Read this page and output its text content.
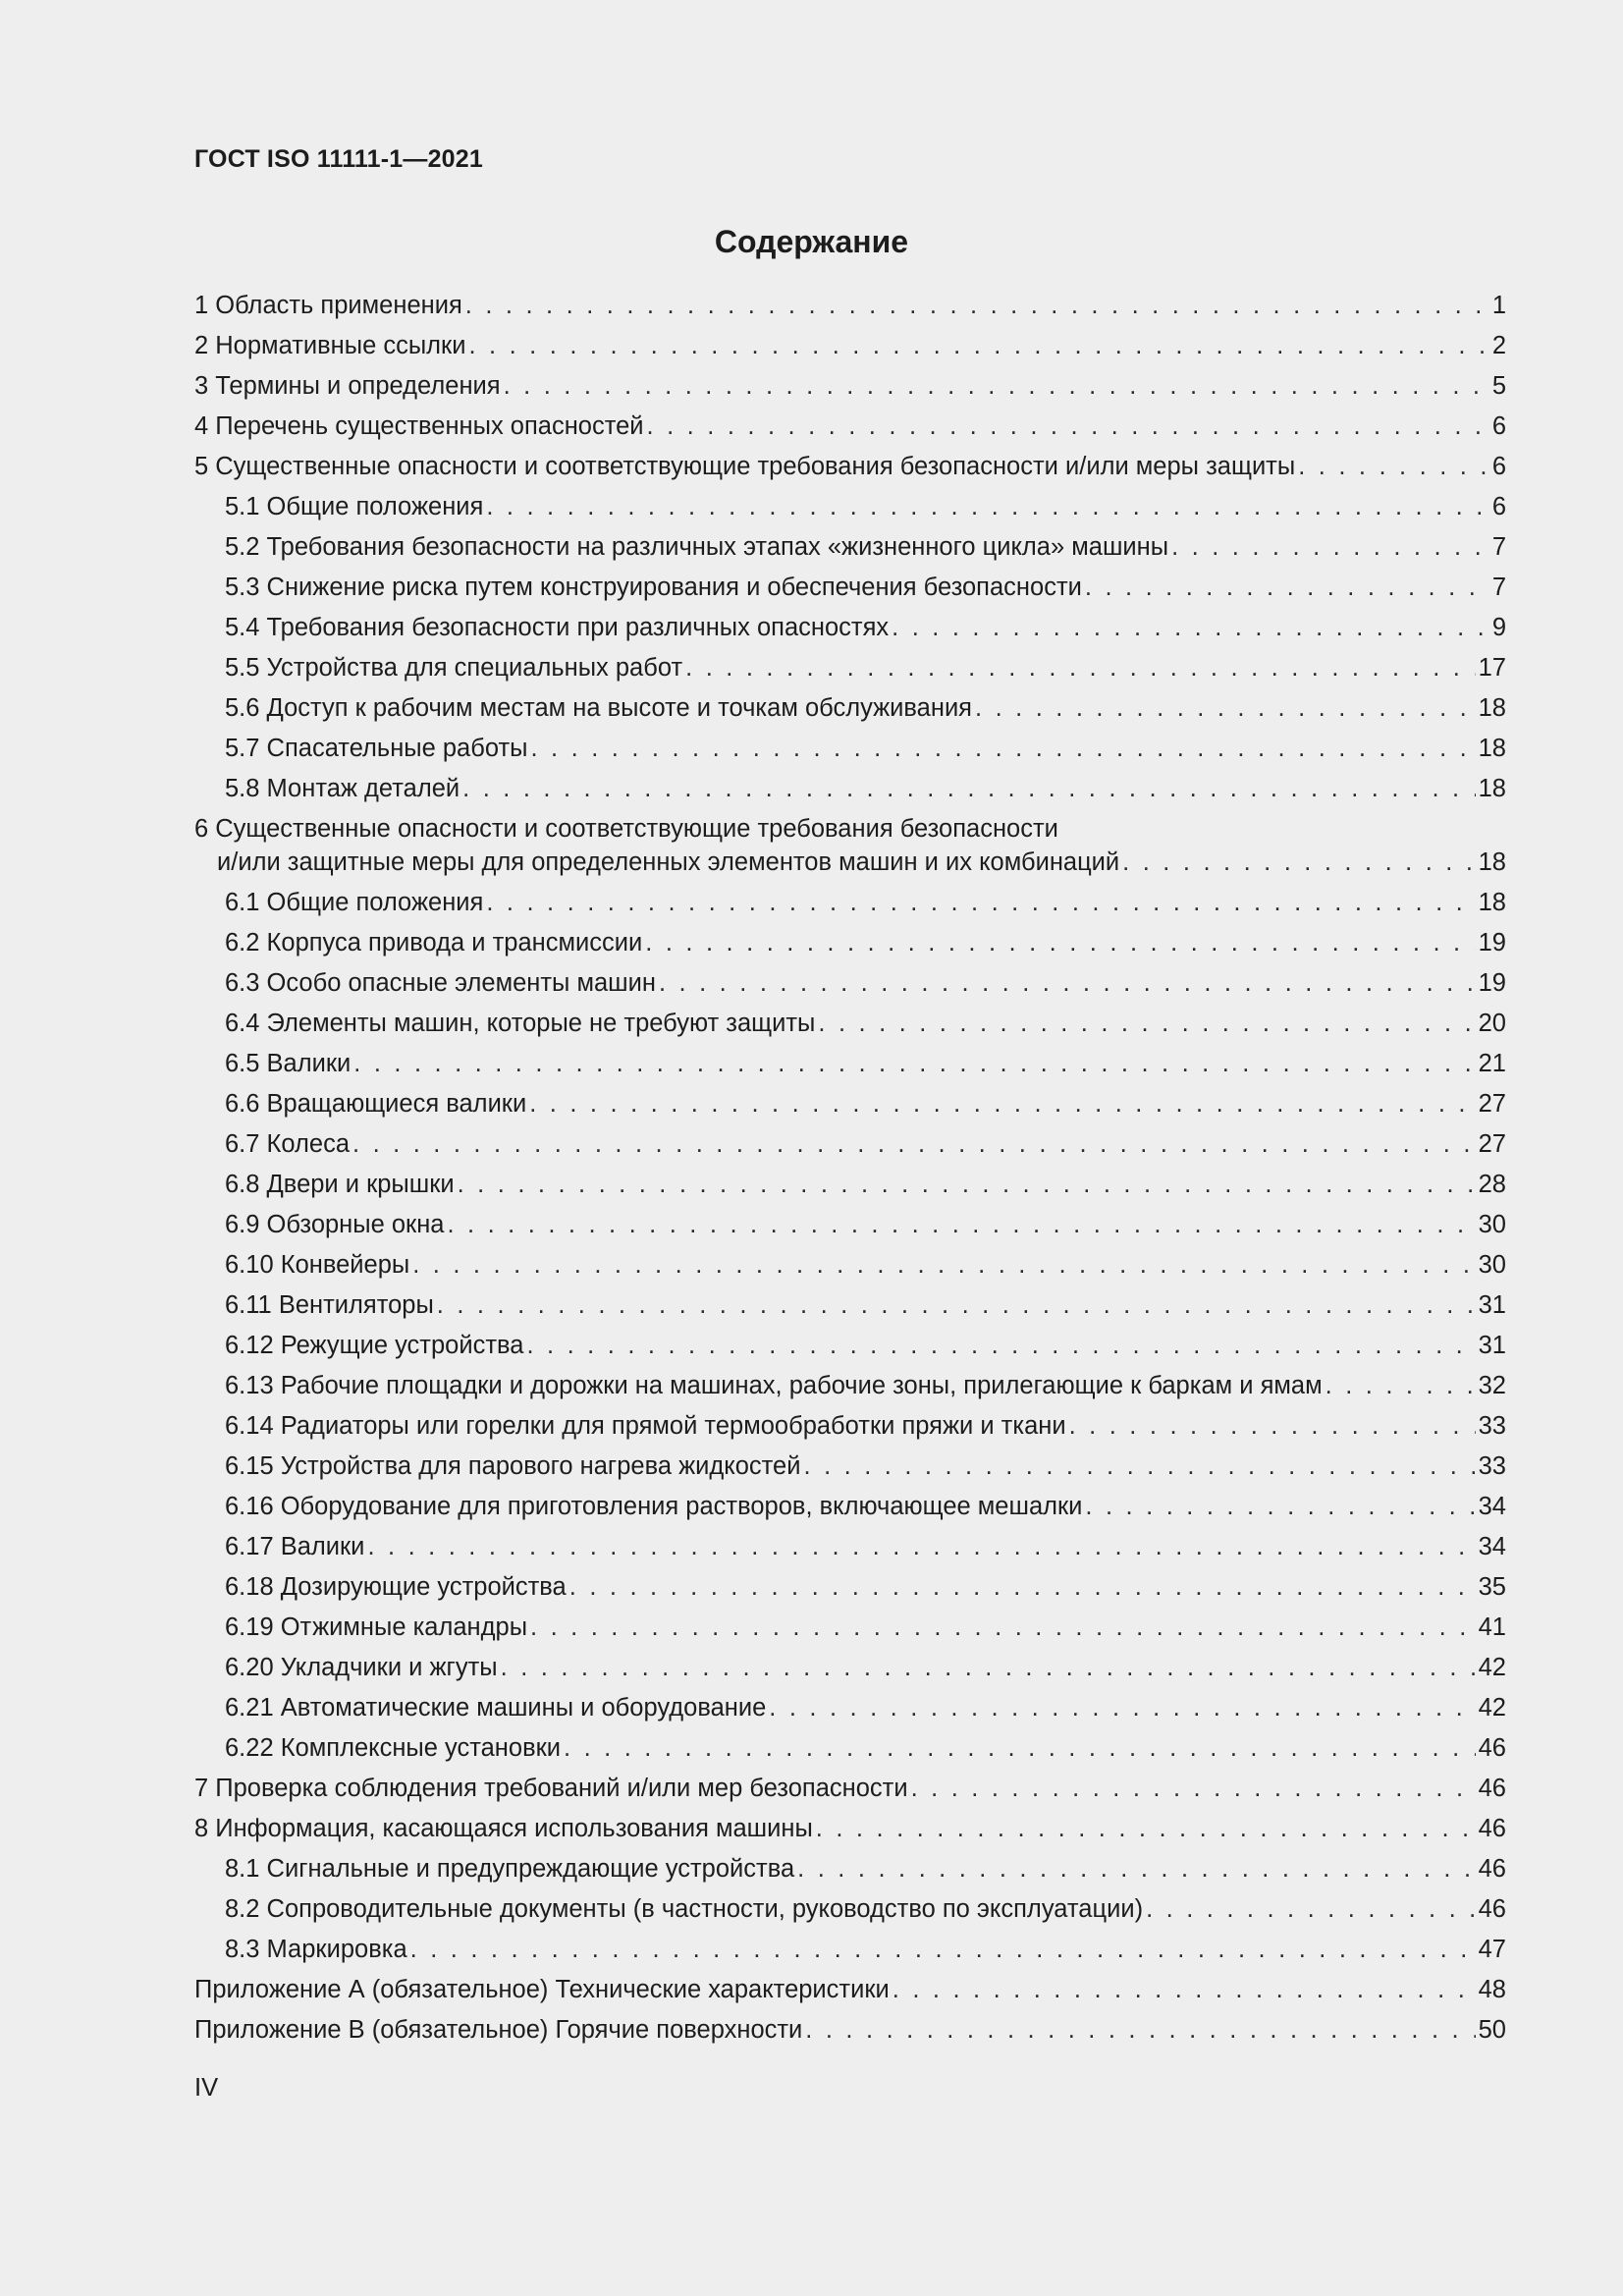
ГОСТ ISO 11111-1—2021
Содержание
1 Область применения . . .	1
2 Нормативные ссылки . . .	2
3 Термины и определения . . .	5
4 Перечень существенных опасностей . . .	6
5 Существенные опасности и соответствующие требования безопасности и/или меры защиты . . .	6
5.1 Общие положения . . .	6
5.2 Требования безопасности на различных этапах «жизненного цикла» машины . . .	7
5.3 Снижение риска путем конструирования и обеспечения безопасности . . .	7
5.4 Требования безопасности при различных опасностях . . .	9
5.5 Устройства для специальных работ . . .	17
5.6 Доступ к рабочим местам на высоте и точкам обслуживания . . .	18
5.7 Спасательные работы . . .	18
5.8 Монтаж деталей . . .	18
6 Существенные опасности и соответствующие требования безопасности
и/или защитные меры для определенных элементов машин и их комбинаций . . .	18
6.1 Общие положения . . .	18
6.2 Корпуса привода и трансмиссии . . .	19
6.3 Особо опасные элементы машин . . .	19
6.4 Элементы машин, которые не требуют защиты . . .	20
6.5 Валики . . .	21
6.6 Вращающиеся валики . . .	27
6.7 Колеса . . .	27
6.8 Двери и крышки . . .	28
6.9 Обзорные окна . . .	30
6.10 Конвейеры . . .	30
6.11 Вентиляторы . . .	31
6.12 Режущие устройства . . .	31
6.13 Рабочие площадки и дорожки на машинах, рабочие зоны, прилегающие к баркам и ямам . . .	32
6.14 Радиаторы или горелки для прямой термообработки пряжи и ткани . . .	33
6.15 Устройства для парового нагрева жидкостей . . .	33
6.16 Оборудование для приготовления растворов, включающее мешалки . . .	34
6.17 Валики . . .	34
6.18 Дозирующие устройства . . .	35
6.19 Отжимные каландры . . .	41
6.20 Укладчики и жгуты . . .	42
6.21 Автоматические машины и оборудование . . .	42
6.22 Комплексные установки . . .	46
7 Проверка соблюдения требований и/или мер безопасности . . .	46
8 Информация, касающаяся использования машины . . .	46
8.1 Сигнальные и предупреждающие устройства . . .	46
8.2 Сопроводительные документы (в частности, руководство по эксплуатации) . . .	46
8.3 Маркировка . . .	47
Приложение А (обязательное) Технические характеристики . . .	48
Приложение В (обязательное) Горячие поверхности . . .	50
IV
